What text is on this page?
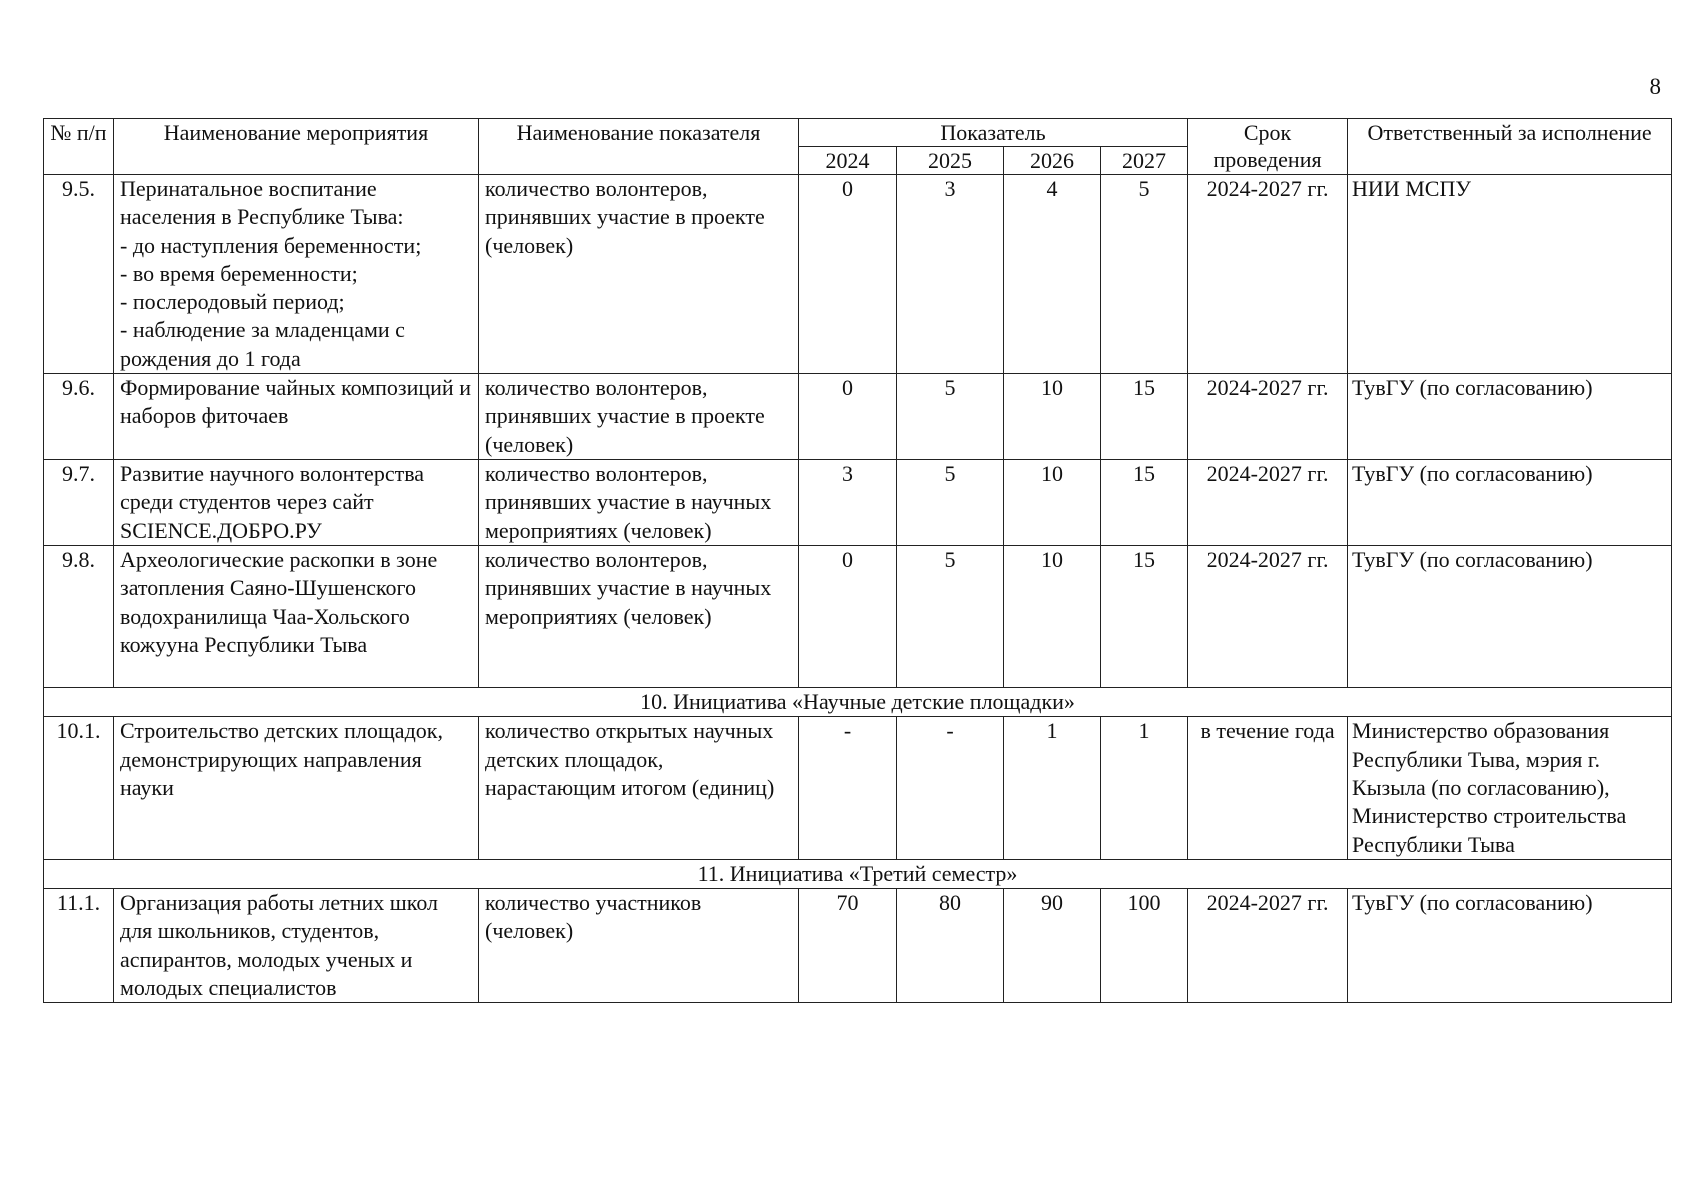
8
№ п/п	Наименование мероприятия	Наименование показателя	Показатель				Срок проведения	Ответственный за исполнение
			2024	2025	2026	2027		
9.5.	Перинатальное воспитание населения в Республике Тыва:
- до наступления беременности;
- во время беременности;
- послеродовый период;
- наблюдение за младенцами с рождения до 1 года	количество волонтеров, принявших участие в проекте (человек)	0	3	4	5	2024-2027 гг.	НИИ МСПУ
9.6.	Формирование чайных композиций и наборов фиточаев	количество волонтеров, принявших участие в проекте (человек)	0	5	10	15	2024-2027 гг.	ТувГУ (по согласованию)
9.7.	Развитие научного волонтерства среди студентов через сайт SCIENCE.ДОБРО.РУ	количество волонтеров, принявших участие в научных мероприятиях (человек)	3	5	10	15	2024-2027 гг.	ТувГУ (по согласованию)
9.8.	Археологические раскопки в зоне затопления Саяно-Шушенского водохранилища Чаа-Хольского кожууна Республики Тыва	количество волонтеров, принявших участие в научных мероприятиях (человек)	0	5	10	15	2024-2027 гг.	ТувГУ (по согласованию)
10. Инициатива «Научные детские площадки»								
10.1.	Строительство детских площадок, демонстрирующих направления науки	количество открытых научных детских площадок, нарастающим итогом (единиц)	-	-	1	1	в течение года	Министерство образования Республики Тыва, мэрия г. Кызыла (по согласованию), Министерство строительства Республики Тыва
11. Инициатива «Третий семестр»								
11.1.	Организация работы летних школ для школьников, студентов, аспирантов, молодых ученых и молодых специалистов	количество участников (человек)	70	80	90	100	2024-2027 гг.	ТувГУ (по согласованию)
